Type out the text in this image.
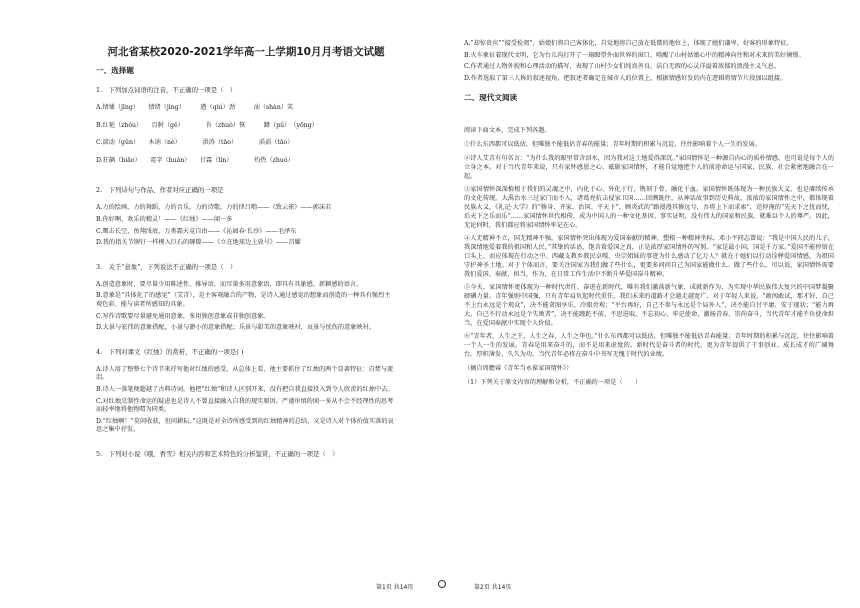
河北省某校2020-2021学年高一上学期10月月考语文试题
一、选择题

1.　下列加点词语的注音，不正确的一项是（　）

A.情愫（jīng）　　情绪（jìng）　　　遒（qiú）劲　　　汕（shàn）笑

B.红艳（zhǒu）　　百舸（gě）　　　　肯（zhuó）恢　　　蹲（pǔ）　（yōng）

C.湍动（gǔn）　　木讷（nè）　　　　洪涛（tāo）　　　　滔滔（tāo）

D.狂飙（biāo）　　霓字（huán）　　甘霖（lín）　　　　灼热（zhuó）

2.　下列诗句与作品、作者对应正确的一项是

A.力的绘画，力的舞蹈，力的音乐，力的诗歌，力的律吕哟——《致云雀》——郭沫若

B.你好啊，欢乐的精灵！——《红烛》——闻一多

C.鹰击长空，鱼翔浅底，万类霜天竞自由——《沁园春·长沙》——毛泽东

D.我的指关节铆钉一样楔入巨石的罅隙——《立在地球边上放号》——昌耀

3.　关于“意象”，下列说法不正确的一项是（　）

A.创造意象时，要尽量少用陈述性、推导语，而尽量多用意象语，即具有具象感、新颖感的语言。

B.意象是“具体化了的感觉”（艾青），是主客观融合的产物，是诗人通过感觉的想象而创造的一种具有强烈主观色彩、能与读者所感知的具象。

C.写作诗歌要尽量避免通用意象，多用独创意象或非独创意象。

D.大景与宏伟的意象搭配，小景与渺小的意象搭配；乐景与甜美的意象映衬，哀景与忧伤的意象映衬。

4.　下列对课文《红烛》的赏析，不正确的一项是( )

A.诗人用了整整七个诗节来抒写他对红烛的感受。从总体上看，他主要抓住了红烛的两个显著特征：自焚与流泪。

B.诗人一落笔便超越了古典诗词，他把“红烛”和诗人区别开来，没有把自我直接投入到令人欣羡的红烛中去。

C.对红烛烹制性命运的疑虑也是诗人不曾直接融入自我的现实原因。严谨审慎的闻一多从不会不经理性的思考而轻率地将他物喟为同类。

D.“红烛啊！”莫问收获，但问耕耘。”这既是对全诗所感受到的红烛精神的总结，又是诗人对个体价值实落的哀思之集中抒发。

5.　下列对小说《哦，香雪》相关内容和艺术特色的分析鉴赏，不正确的一项是（　）

A.“却惊贵宾”“接受检阅”，姑娘们将自己客体化，自觉地将自己放在低微的地位上，体现了她们谦卑、好客的形象特征。

B.火车象征着现代文明，它为台儿沟打开了一扇瞭望外面世界的窗口，唤醒了山村姑娘心中的精神向往和对未来的美好憧憬。

C.作者通过人物外貌和心理活动的描写，表现了山村少女们纯真善良、洁白无瑕的心灵洋溢着浓郁的浪漫主义气息。

D.作者选取了第三人称的叙述视角，把叙述者确定在城市人的位置上，根据情感好发的内在逻辑将情节片段加以组接。

二、现代文阅读

阅读下面文本，完成下列各题。

①什么东西都可以低估，但唯独不能低估青春的能量；青年时期的积累与沉淀，往往影响着个人一生的发展。

②诗人艾青有句名言：“为什么我的眼里常含泪水，因为我对这土地爱得深沉。”家国情怀是一种源自内心的质朴情感，也可说是每个人的立身之本。对于当代青年来说，只有家怀感恩之心、砥砺家国情怀，才能自觉地把个人的前途命运与国家、民族、社会紧密地融合在一起。

③家国情怀深深植根于我们的灵魂之中，内化于心、外化于行，镌刻于骨、融化于血。家国情怀既体现为一种民族大义，也是赓续传承的文化传统。大禹治水三过家门而不入，诸葛亮抗击侵家卫国……回溯既往，从神话故事到历史典故，浓浓的家国情怀之中，都体现着民族大义。《礼记·大学》的“修身、齐家、治国、平天下”，顾炎武的“路漫漫其修远兮，吾将上下而求索”，范仲淹的“先天下之忧而忧，后天下之乐而乐”……家国情怀世代相传，成为中国人的一种文化基因。事实证明，没有伟大的国家和民族，就难以个人的尊严。因此，无论何时，我们都应将家国情怀牢记在心。

④人无精神不立，国无精神不强。家国情怀突出体现为爱国奉献的精神，塑根一种精神坐标。邓小平同志曾说：“我是中国人民的儿子，我深情地爱着我的祖国和人民。”其挚的话语，饱含着爱国之真，正是浓厚家国情怀的写照。“家是最小国，国是千万家。”爱国不能停留在口头上，而应体现在行动之中。西藏支教乡教民卓嘎、央宗姐妹的事迹为什么感动了亿万人？就在于她们以行动诠释爱国情感，为祖国守护神圣土地。对于个体而言，要关注国家为我们做了些什么，更要多问问自己为国家能做什么。做了些什么。可以说，家国情怀需要我们爱国、奉献、担当，作为，在日常工作生活中不断升华爱国奋斗精神。

⑤今天，家国情怀更体现为一种时代责任、奋进在新时代，唯有我们激荡新气象、成就新作为，为实现中华民族伟大复兴的中国梦凝聚磅礴力量。青年强则中国强，只有青年肩负起时代重任，我们未来的道路才会越走越宽广。对于年轻人来说，“敢闯敢试，那才好，自己不上台永远是个观众”，决不能贪图享乐、冷眼旁观；“平台再好，自己不参与永远是个局外人”，决不能自甘平庸、安于现状；“能力再大，自己不行动永远是个失败者”，决不能蹉跎不前、不思进取。不忘初心、牢记使命，激扬青春、崇尚奋斗，当代青年才能不负使命担当，在爱国奉献中实现个人价值。

⑥“青年者，人生之王，人生之春，人生之华也。”什么东西都可以低估，但唯独不能低估青春能量；青年时期的积累与沉淀，往往影响着一个人一生的发展。青春是用来奋斗的，而不是用来虚度的。新时代是奋斗者的时代，更为青年提供了干事创业、成长成才的广阔舞台。厚积薄发、久久为功，当代青年必将在奋斗中书写无愧于时代的业绩。

（摘自周瞻睿《青年当永葆家国情怀》）

（1）下列关于原文内容的理解和分析，不正确的一项是（　　）

第1页 共14页	第2页 共14页
